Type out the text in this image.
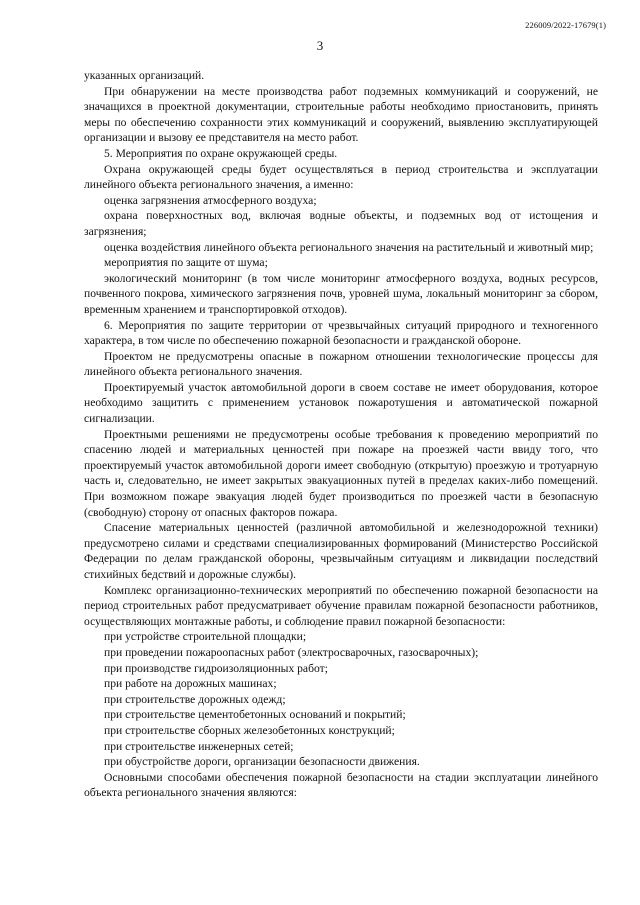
226009/2022-17679(1)
3

указанных организаций.

При обнаружении на месте производства работ подземных коммуникаций и сооружений, не значащихся в проектной документации, строительные работы необходимо приостановить, принять меры по обеспечению сохранности этих коммуникаций и сооружений, выявлению эксплуатирующей организации и вызову ее представителя на место работ.

5. Мероприятия по охране окружающей среды.

Охрана окружающей среды будет осуществляться в период строительства и эксплуатации линейного объекта регионального значения, а именно:

оценка загрязнения атмосферного воздуха;

охрана поверхностных вод, включая водные объекты, и подземных вод от истощения и загрязнения;

оценка воздействия линейного объекта регионального значения на растительный и животный мир;

мероприятия по защите от шума;

экологический мониторинг (в том числе мониторинг атмосферного воздуха, водных ресурсов, почвенного покрова, химического загрязнения почв, уровней шума, локальный мониторинг за сбором, временным хранением и транспортировкой отходов).

6. Мероприятия по защите территории от чрезвычайных ситуаций природного и техногенного характера, в том числе по обеспечению пожарной безопасности и гражданской обороне.

Проектом не предусмотрены опасные в пожарном отношении технологические процессы для линейного объекта регионального значения.

Проектируемый участок автомобильной дороги в своем составе не имеет оборудования, которое необходимо защитить с применением установок пожаротушения и автоматической пожарной сигнализации.

Проектными решениями не предусмотрены особые требования к проведению мероприятий по спасению людей и материальных ценностей при пожаре на проезжей части ввиду того, что проектируемый участок автомобильной дороги имеет свободную (открытую) проезжую и тротуарную часть и, следовательно, не имеет закрытых эвакуационных путей в пределах каких-либо помещений. При возможном пожаре эвакуация людей будет производиться по проезжей части в безопасную (свободную) сторону от опасных факторов пожара.

Спасение материальных ценностей (различной автомобильной и железнодорожной техники) предусмотрено силами и средствами специализированных формирований (Министерство Российской Федерации по делам гражданской обороны, чрезвычайным ситуациям и ликвидации последствий стихийных бедствий и дорожные службы).

Комплекс организационно-технических мероприятий по обеспечению пожарной безопасности на период строительных работ предусматривает обучение правилам пожарной безопасности работников, осуществляющих монтажные работы, и соблюдение правил пожарной безопасности:

при устройстве строительной площадки;

при проведении пожароопасных работ (электросварочных, газосварочных);

при производстве гидроизоляционных работ;

при работе на дорожных машинах;

при строительстве дорожных одежд;

при строительстве цементобетонных оснований и покрытий;

при строительстве сборных железобетонных конструкций;

при строительстве инженерных сетей;

при обустройстве дороги, организации безопасности движения.

Основными способами обеспечения пожарной безопасности на стадии эксплуатации линейного объекта регионального значения являются:
